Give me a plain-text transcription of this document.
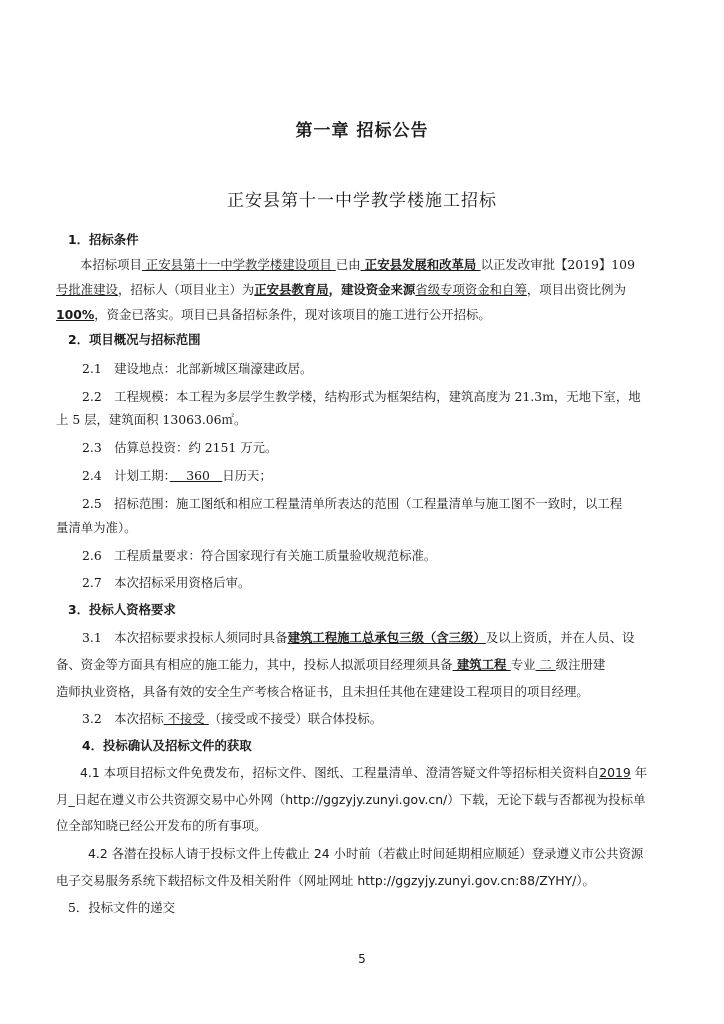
第一章 招标公告
正安县第十一中学教学楼施工招标
1．招标条件
本招标项目 正安县第十一中学教学楼建设项目 已由 正安县发展和改革局 以正发改审批【2019】109
号批准建设，招标人（项目业主）为正安县教育局，建设资金来源省级专项资金和自筹，项目出资比例为
100%，资金已落实。项目已具备招标条件，现对该项目的施工进行公开招标。
2．项目概况与招标范围
2.1　建设地点：北部新城区瑞濠建政居。
2.2　工程规模：本工程为多层学生教学楼，结构形式为框架结构，建筑高度为 21.3m，无地下室，地
上 5 层，建筑面积 13063.06㎡。
2.3　估算总投资：约 2151 万元。
2.4　计划工期：　 360　日历天；
2.5　招标范围：施工图纸和相应工程量清单所表达的范围（工程量清单与施工图不一致时，以工程
量清单为准）。
2.6　工程质量要求：符合国家现行有关施工质量验收规范标准。
2.7　本次招标采用资格后审。
3．投标人资格要求
3.1　本次招标要求投标人须同时具备建筑工程施工总承包三级（含三级）及以上资质，并在人员、设
备、资金等方面具有相应的施工能力，其中，投标人拟派项目经理须具备 建筑工程 专业 二 级注册建
造师执业资格，具备有效的安全生产考核合格证书，且未担任其他在建建设工程项目的项目经理。
3.2　本次招标 不接受 （接受或不接受）联合体投标。
4．投标确认及招标文件的获取
4.1 本项目招标文件免费发布，招标文件、图纸、工程量清单、澄清答疑文件等招标相关资料自2019 年
月_日起在遵义市公共资源交易中心外网（http://ggzyjy.zunyi.gov.cn/）下载，无论下载与否都视为投标单
位全部知晓已经公开发布的所有事项。
4.2 各潜在投标人请于投标文件上传截止 24 小时前（若截止时间延期相应顺延）登录遵义市公共资源
电子交易服务系统下载招标文件及相关附件（网址网址 http://ggzyjy.zunyi.gov.cn:88/ZYHY/）。
5．投标文件的递交
5
